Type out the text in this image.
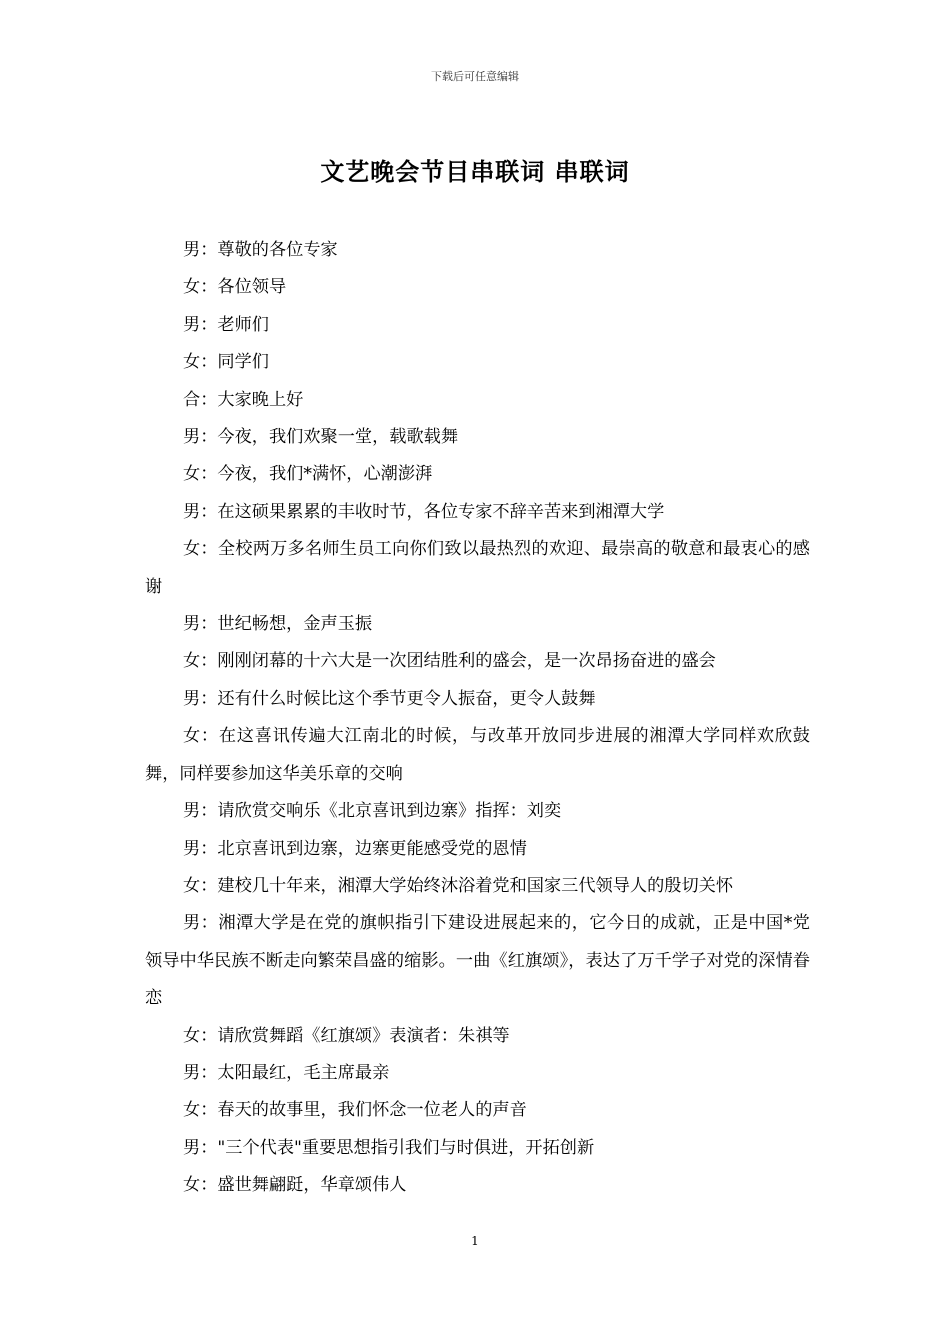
下载后可任意编辑
文艺晚会节目串联词 串联词

男：尊敬的各位专家

女：各位领导

男：老师们

女：同学们

合：大家晚上好

男：今夜，我们欢聚一堂，载歌载舞

女：今夜，我们*满怀，心潮澎湃

男：在这硕果累累的丰收时节，各位专家不辞辛苦来到湘潭大学

女：全校两万多名师生员工向你们致以最热烈的欢迎、最崇高的敬意和最衷心的感谢

男：世纪畅想，金声玉振

女：刚刚闭幕的十六大是一次团结胜利的盛会，是一次昂扬奋进的盛会

男：还有什么时候比这个季节更令人振奋，更令人鼓舞

女：在这喜讯传遍大江南北的时候，与改革开放同步进展的湘潭大学同样欢欣鼓舞，同样要参加这华美乐章的交响

男：请欣赏交响乐《北京喜讯到边寨》指挥：刘奕

男：北京喜讯到边寨，边寨更能感受党的恩情

女：建校几十年来，湘潭大学始终沐浴着党和国家三代领导人的殷切关怀

男：湘潭大学是在党的旗帜指引下建设进展起来的，它今日的成就，正是中国*党领导中华民族不断走向繁荣昌盛的缩影。一曲《红旗颂》，表达了万千学子对党的深情眷恋

女：请欣赏舞蹈《红旗颂》表演者：朱祺等

男：太阳最红，毛主席最亲

女：春天的故事里，我们怀念一位老人的声音

男："三个代表"重要思想指引我们与时俱进，开拓创新

女：盛世舞翩跹，华章颂伟人

1
